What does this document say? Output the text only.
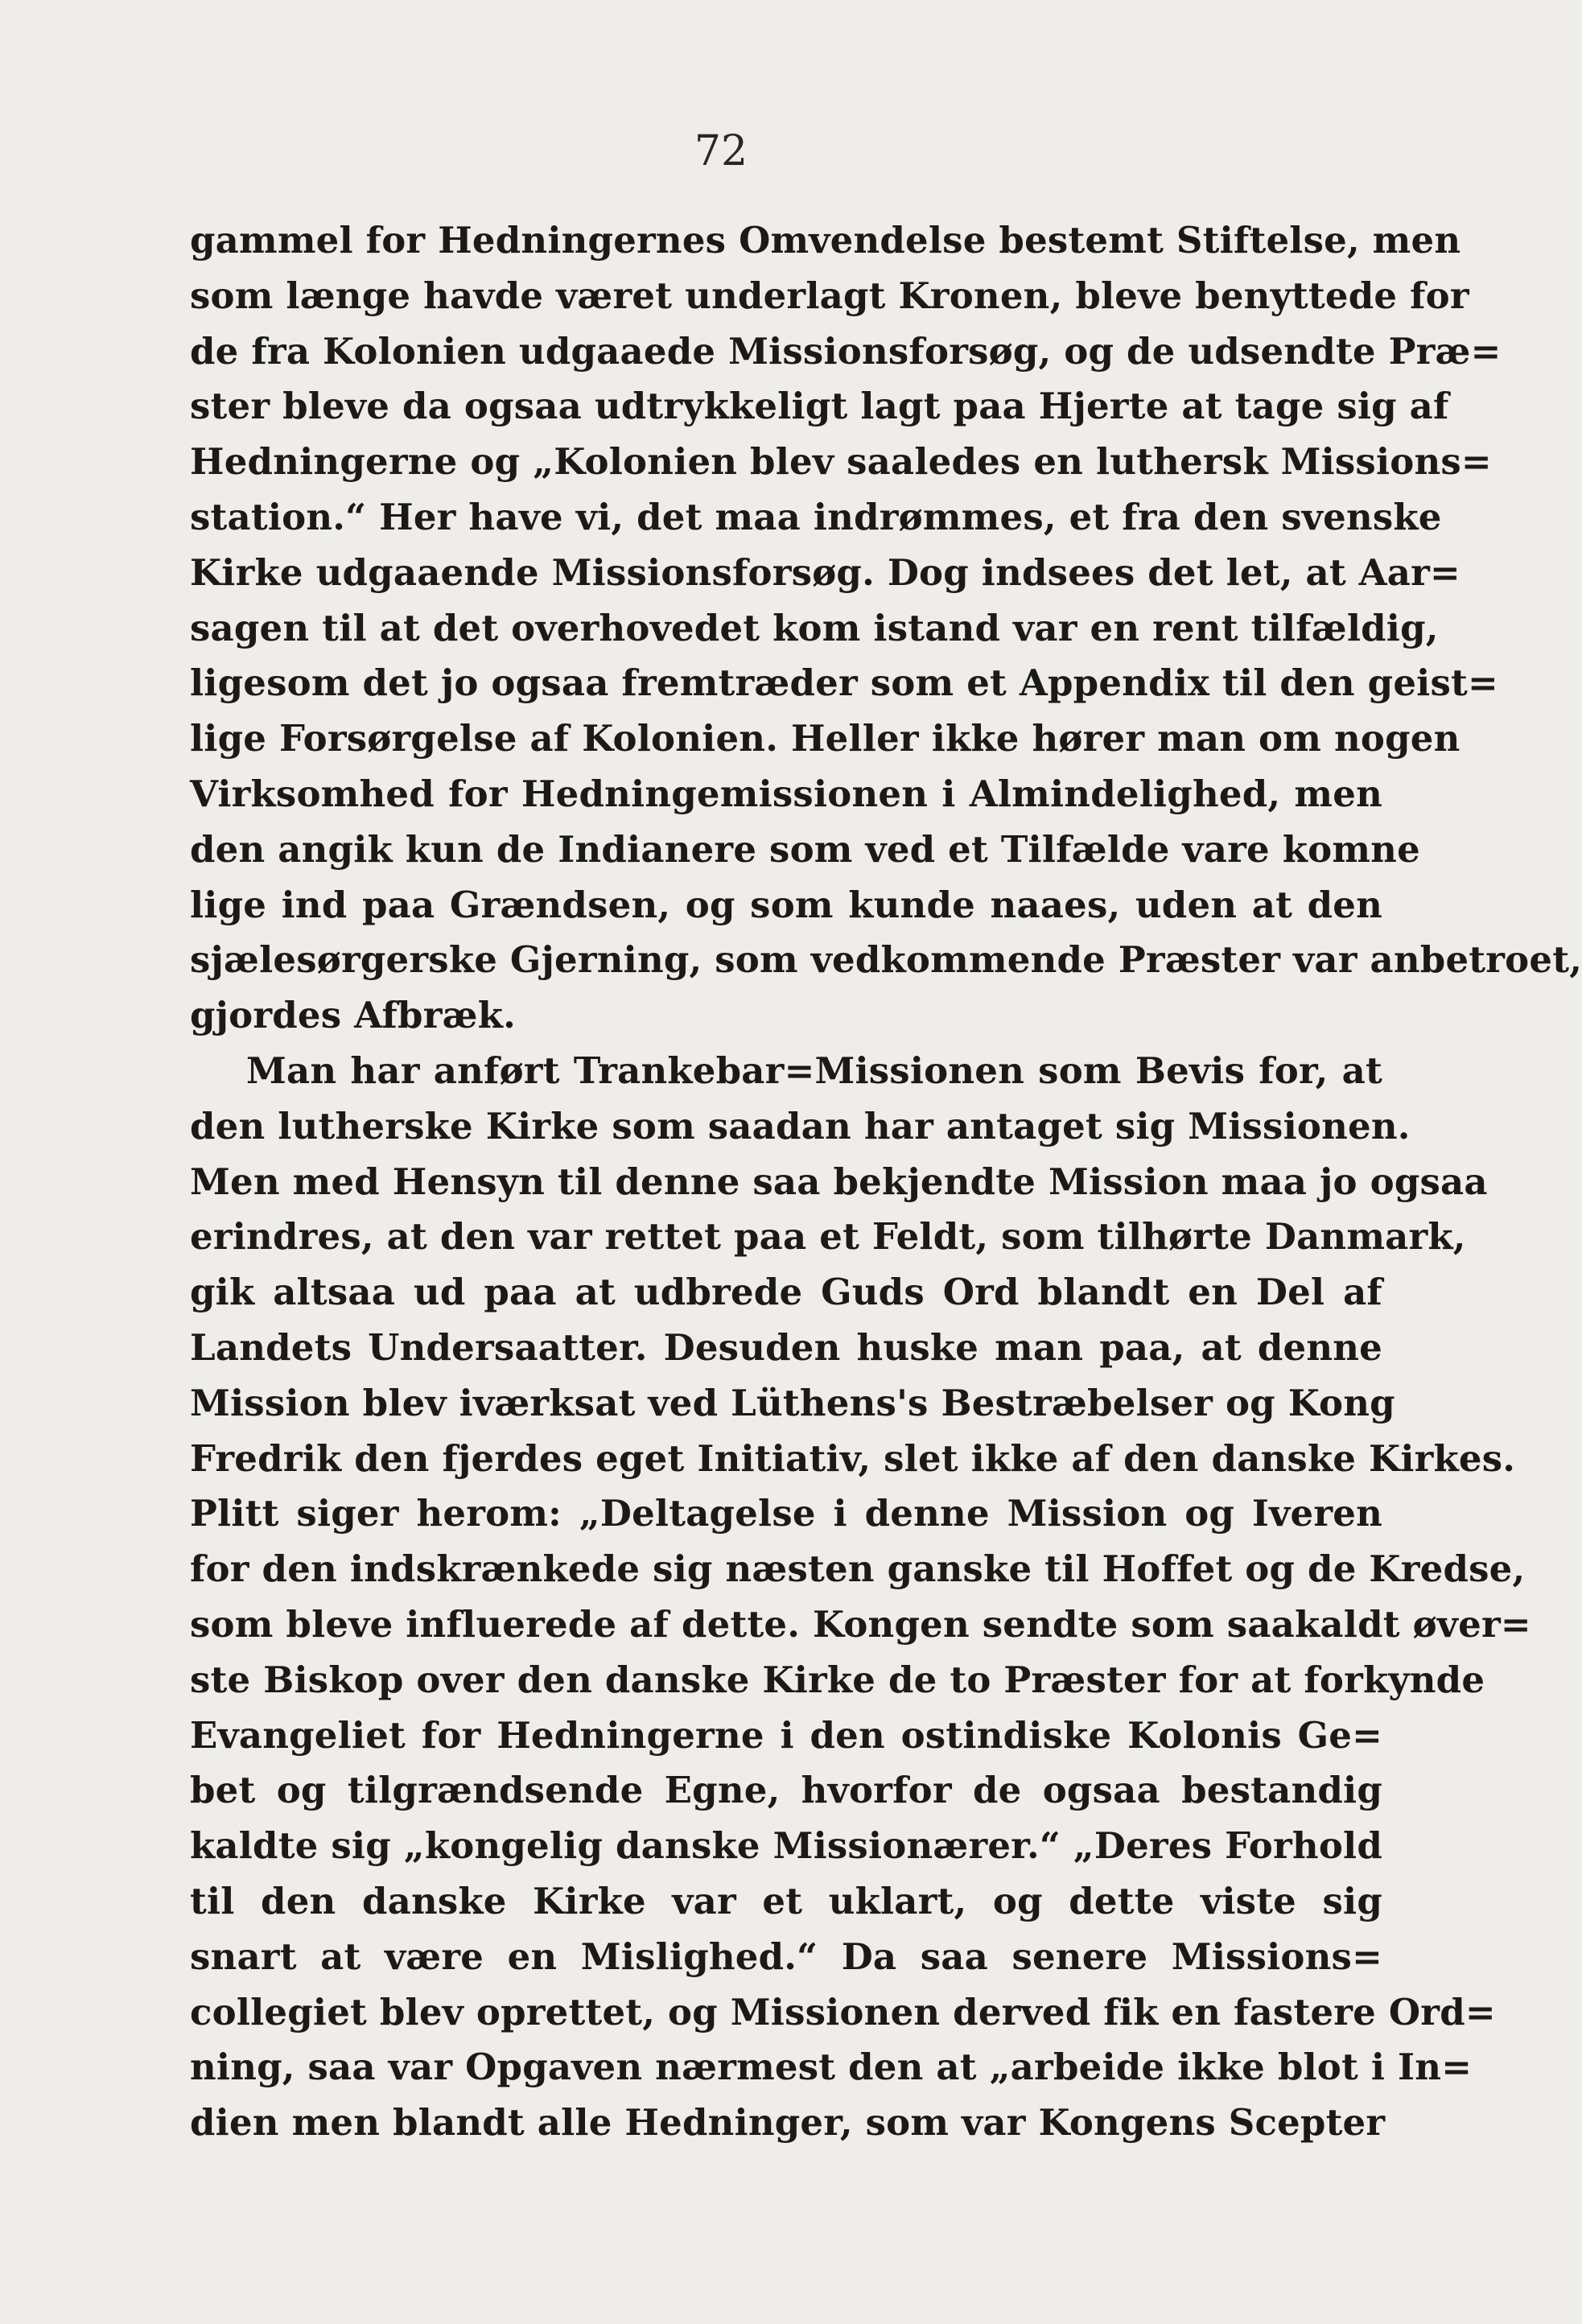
72
gammel for Hedningernes Omvendelse bestemt Stiftelse, men
som længe havde været underlagt Kronen, bleve benyttede for
de fra Kolonien udgaaede Missionsforsøg, og de udsendte Præ=
ster bleve da ogsaa udtrykkeligt lagt paa Hjerte at tage sig af
Hedningerne og „Kolonien blev saaledes en luthersk Missions=
station.“ Her have vi, det maa indrømmes, et fra den svenske
Kirke udgaaende Missionsforsøg. Dog indsees det let, at Aar=
sagen til at det overhovedet kom istand var en rent tilfældig,
ligesom det jo ogsaa fremtræder som et Appendix til den geist=
lige Forsørgelse af Kolonien. Heller ikke hører man om nogen
Virksomhed for Hedningemissionen i Almindelighed, men
den angik kun de Indianere som ved et Tilfælde vare komne
lige ind paa Grændsen, og som kunde naaes, uden at den
sjælesørgerske Gjerning, som vedkommende Præster var anbetroet,
gjordes Afbræk.
Man har anført Trankebar=Missionen som Bevis for, at
den lutherske Kirke som saadan har antaget sig Missionen.
Men med Hensyn til denne saa bekjendte Mission maa jo ogsaa
erindres, at den var rettet paa et Feldt, som tilhørte Danmark,
gik altsaa ud paa at udbrede Guds Ord blandt en Del af
Landets Undersaatter. Desuden huske man paa, at denne
Mission blev iværksat ved Lüthens's Bestræbelser og Kong
Fredrik den fjerdes eget Initiativ, slet ikke af den danske Kirkes.
Plitt siger herom: „Deltagelse i denne Mission og Iveren
for den indskrænkede sig næsten ganske til Hoffet og de Kredse,
som bleve influerede af dette. Kongen sendte som saakaldt øver=
ste Biskop over den danske Kirke de to Præster for at forkynde
Evangeliet for Hedningerne i den ostindiske Kolonis Ge=
bet og tilgrændsende Egne, hvorfor de ogsaa bestandig
kaldte sig „kongelig danske Missionærer.“ „Deres Forhold
til den danske Kirke var et uklart, og dette viste sig
snart at være en Mislighed.“ Da saa senere Missions=
collegiet blev oprettet, og Missionen derved fik en fastere Ord=
ning, saa var Opgaven nærmest den at „arbeide ikke blot i In=
dien men blandt alle Hedninger, som var Kongens Scepter
